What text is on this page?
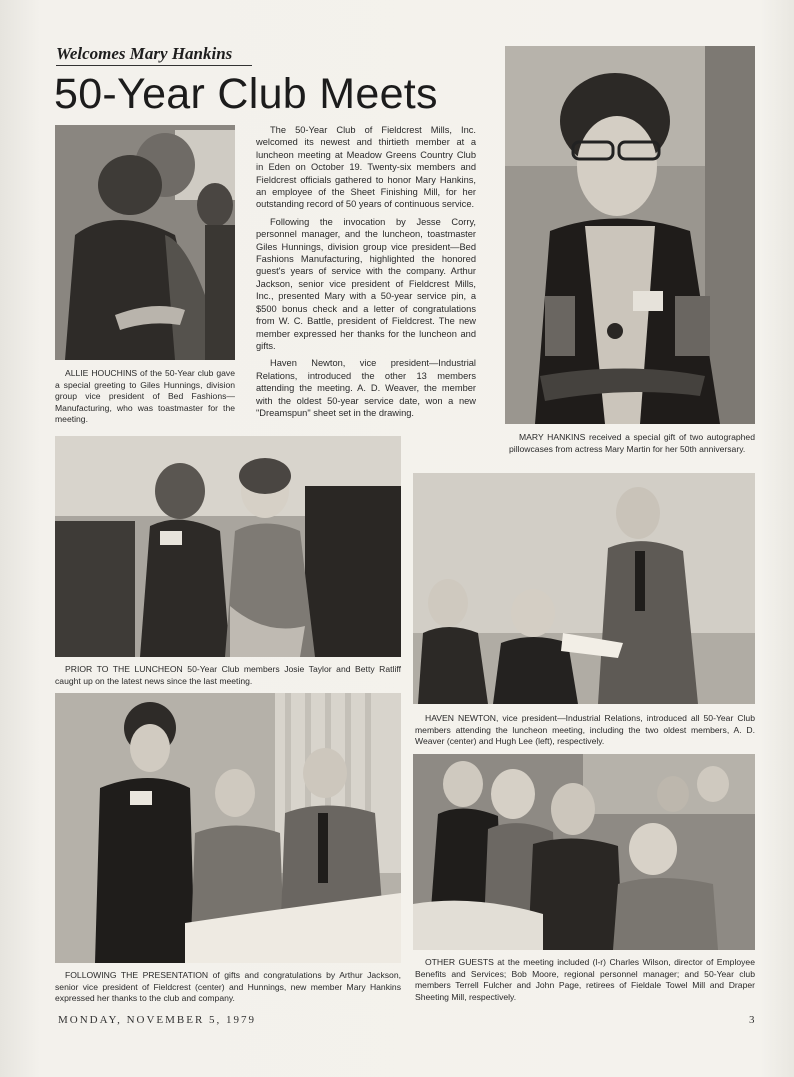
Welcomes Mary Hankins
50-Year Club Meets

The 50-Year Club of Fieldcrest Mills, Inc. welcomed its newest and thirtieth member at a luncheon meeting at Meadow Greens Country Club in Eden on October 19. Twenty-six members and Fieldcrest officials gathered to honor Mary Hankins, an employee of the Sheet Finishing Mill, for her outstanding record of 50 years of continuous service.

Following the invocation by Jesse Corry, personnel manager, and the luncheon, toastmaster Giles Hunnings, division group vice president—Bed Fashions Manufacturing, highlighted the honored guest's years of service with the company. Arthur Jackson, senior vice president of Fieldcrest Mills, Inc., presented Mary with a 50-year service pin, a $500 bonus check and a letter of congratulations from W. C. Battle, president of Fieldcrest. The new member expressed her thanks for the luncheon and gifts.

Haven Newton, vice president—Industrial Relations, introduced the other 13 members attending the meeting. A. D. Weaver, the member with the oldest 50-year service date, won a new "Dreamspun" sheet set in the drawing.

ALLIE HOUCHINS of the 50-Year club gave a special greeting to Giles Hunnings, division group vice president of Bed Fashions—Manufacturing, who was toastmaster for the meeting.
MARY HANKINS received a special gift of two autographed pillowcases from actress Mary Martin for her 50th anniversary.
PRIOR TO THE LUNCHEON 50-Year Club members Josie Taylor and Betty Ratliff caught up on the latest news since the last meeting.
HAVEN NEWTON, vice president—Industrial Relations, introduced all 50-Year Club members attending the luncheon meeting, including the two oldest members, A. D. Weaver (center) and Hugh Lee (left), respectively.
FOLLOWING THE PRESENTATION of gifts and congratulations by Arthur Jackson, senior vice president of Fieldcrest (center) and Hunnings, new member Mary Hankins expressed her thanks to the club and company.
OTHER GUESTS at the meeting included (l-r) Charles Wilson, director of Employee Benefits and Services; Bob Moore, regional personnel manager; and 50-Year club members Terrell Fulcher and John Page, retirees of Fieldale Towel Mill and Draper Sheeting Mill, respectively.
MONDAY, NOVEMBER 5, 1979	3
